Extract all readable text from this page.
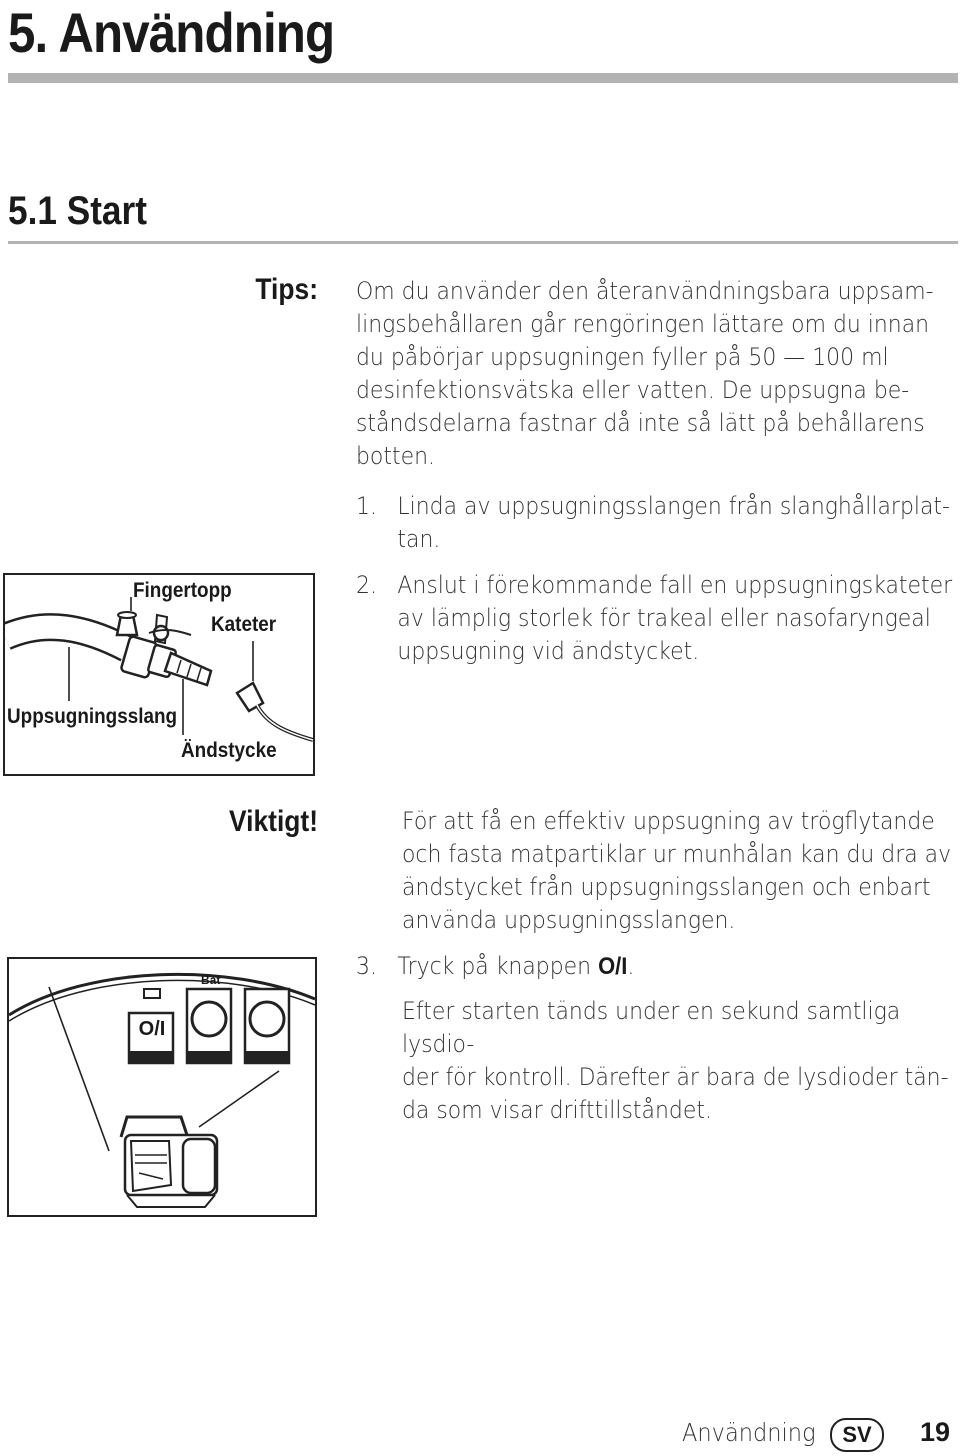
5. Användning
5.1 Start
Tips: Om du använder den återanvändningsbara uppsam-
lingsbehållaren går rengöringen lättare om du innan
du påbörjar uppsugningen fyller på 50 — 100 ml
desinfektionsvätska eller vatten. De uppsugna be-
ståndsdelarna fastnar då inte så lätt på behållarens
botten.
1. Linda av uppsugningsslangen från slanghållarplat-
tan.
2. Anslut i förekommande fall en uppsugningskateter
av lämplig storlek för trakeal eller nasofaryngeal
uppsugning vid ändstycket.
Fingertopp
Kateter
Uppsugningsslang
Ändstycke
Viktigt!	För att få en effektiv uppsugning av trögflytande
och fasta matpartiklar ur munhålan kan du dra av
ändstycket från uppsugningsslangen och enbart
använda uppsugningsslangen.
3. Tryck på knappen O/I.
Efter starten tänds under en sekund samtliga lysdio-
der för kontroll. Därefter är bara de lysdioder tän-
da som visar drifttillståndet.
O/I
Bat
Användning	SV	19
